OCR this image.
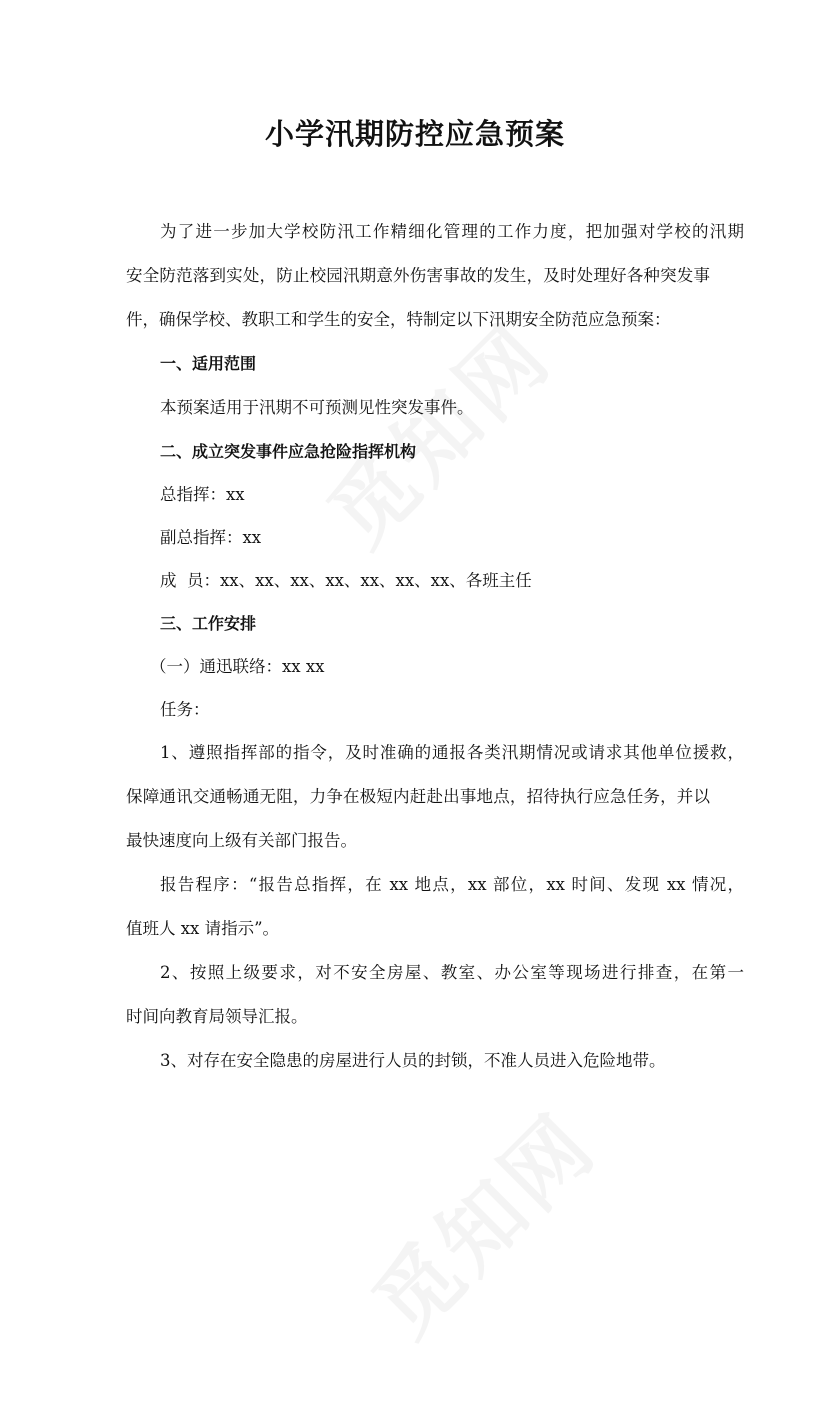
小学汛期防控应急预案
为了进一步加大学校防汛工作精细化管理的工作力度，把加强对学校的汛期
安全防范落到实处，防止校园汛期意外伤害事故的发生，及时处理好各种突发事
件，确保学校、教职工和学生的安全，特制定以下汛期安全防范应急预案：
一、适用范围
本预案适用于汛期不可预测见性突发事件。
二、成立突发事件应急抢险指挥机构
总指挥：xx
副总指挥：xx
成  员：xx、xx、xx、xx、xx、xx、xx、各班主任
三、工作安排
（一）通迅联络：xx xx
任务：
1、遵照指挥部的指令，及时准确的通报各类汛期情况或请求其他单位援救，
保障通讯交通畅通无阻，力争在极短内赶赴出事地点，招待执行应急任务，并以
最快速度向上级有关部门报告。
报告程序：“报告总指挥，在 xx 地点，xx 部位，xx 时间、发现 xx 情况，
值班人 xx 请指示”。
2、按照上级要求，对不安全房屋、教室、办公室等现场进行排查，在第一
时间向教育局领导汇报。
3、对存在安全隐患的房屋进行人员的封锁，不准人员进入危险地带。
